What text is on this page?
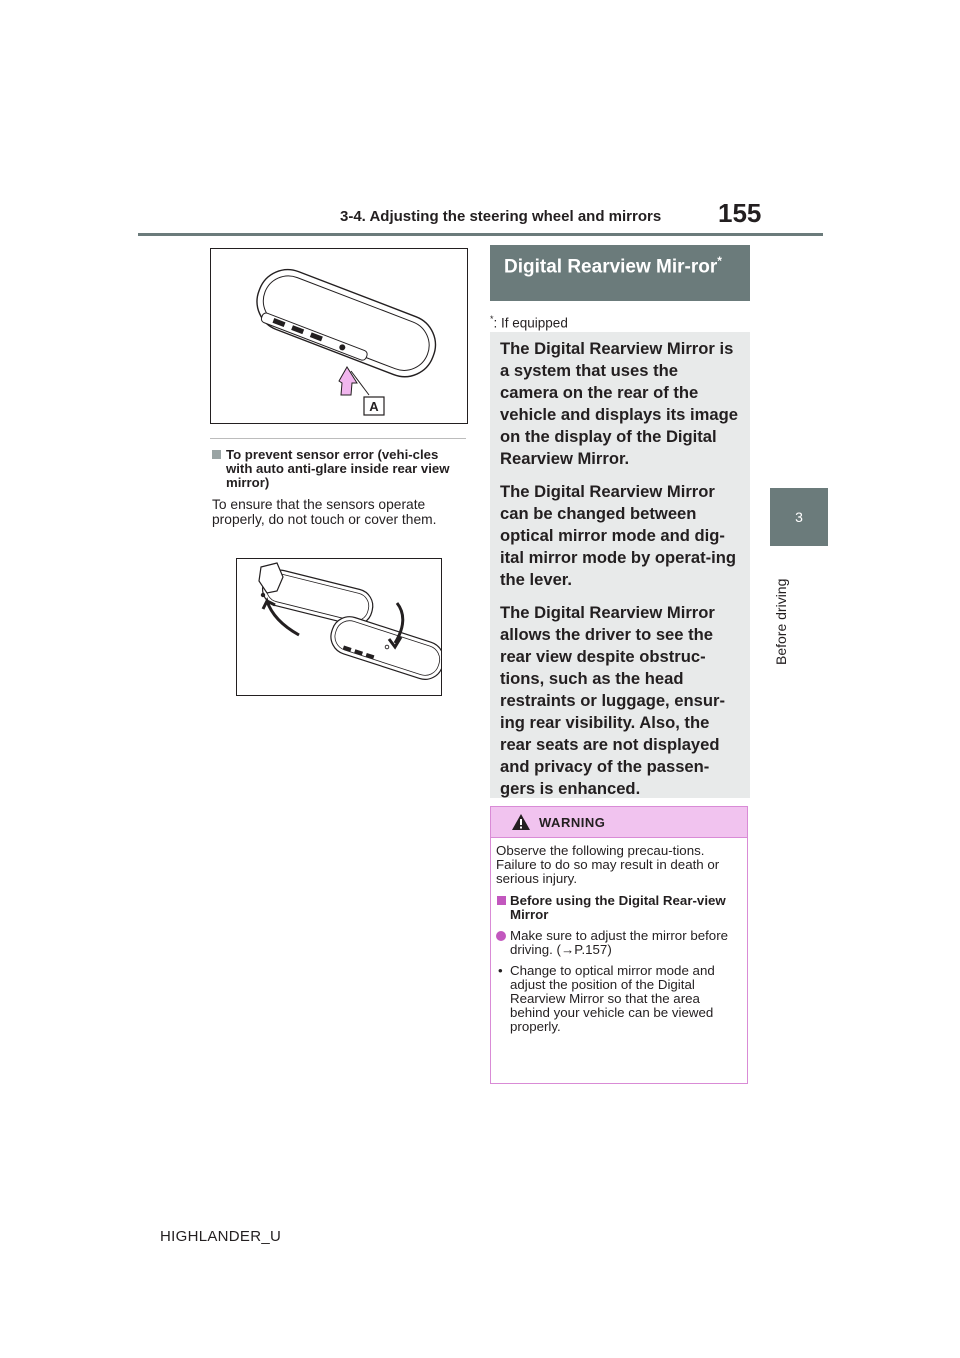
3-4. Adjusting the steering wheel and mirrors 155
3
Before driving
A
To prevent sensor error (vehi-cles with auto anti-glare inside rear view mirror)
To ensure that the sensors operate properly, do not touch or cover them.
Digital Rearview Mir-ror*
*: If equipped

The Digital Rearview Mirror is a system that uses the camera on the rear of the vehicle and displays its image on the display of the Digital Rearview Mirror.

The Digital Rearview Mirror can be changed between optical mirror mode and dig-ital mirror mode by operat-ing the lever.

The Digital Rearview Mirror allows the driver to see the rear view despite obstruc-tions, such as the head restraints or luggage, ensur-ing rear visibility. Also, the rear seats are not displayed and privacy of the passen-gers is enhanced.

WARNING

Observe the following precau-tions. Failure to do so may result in death or serious injury.

Before using the Digital Rear-view Mirror
Make sure to adjust the mirror before driving. (→P.157)
• Change to optical mirror mode and adjust the position of the Digital Rearview Mirror so that the area behind your vehicle can be viewed properly.
HIGHLANDER_U
